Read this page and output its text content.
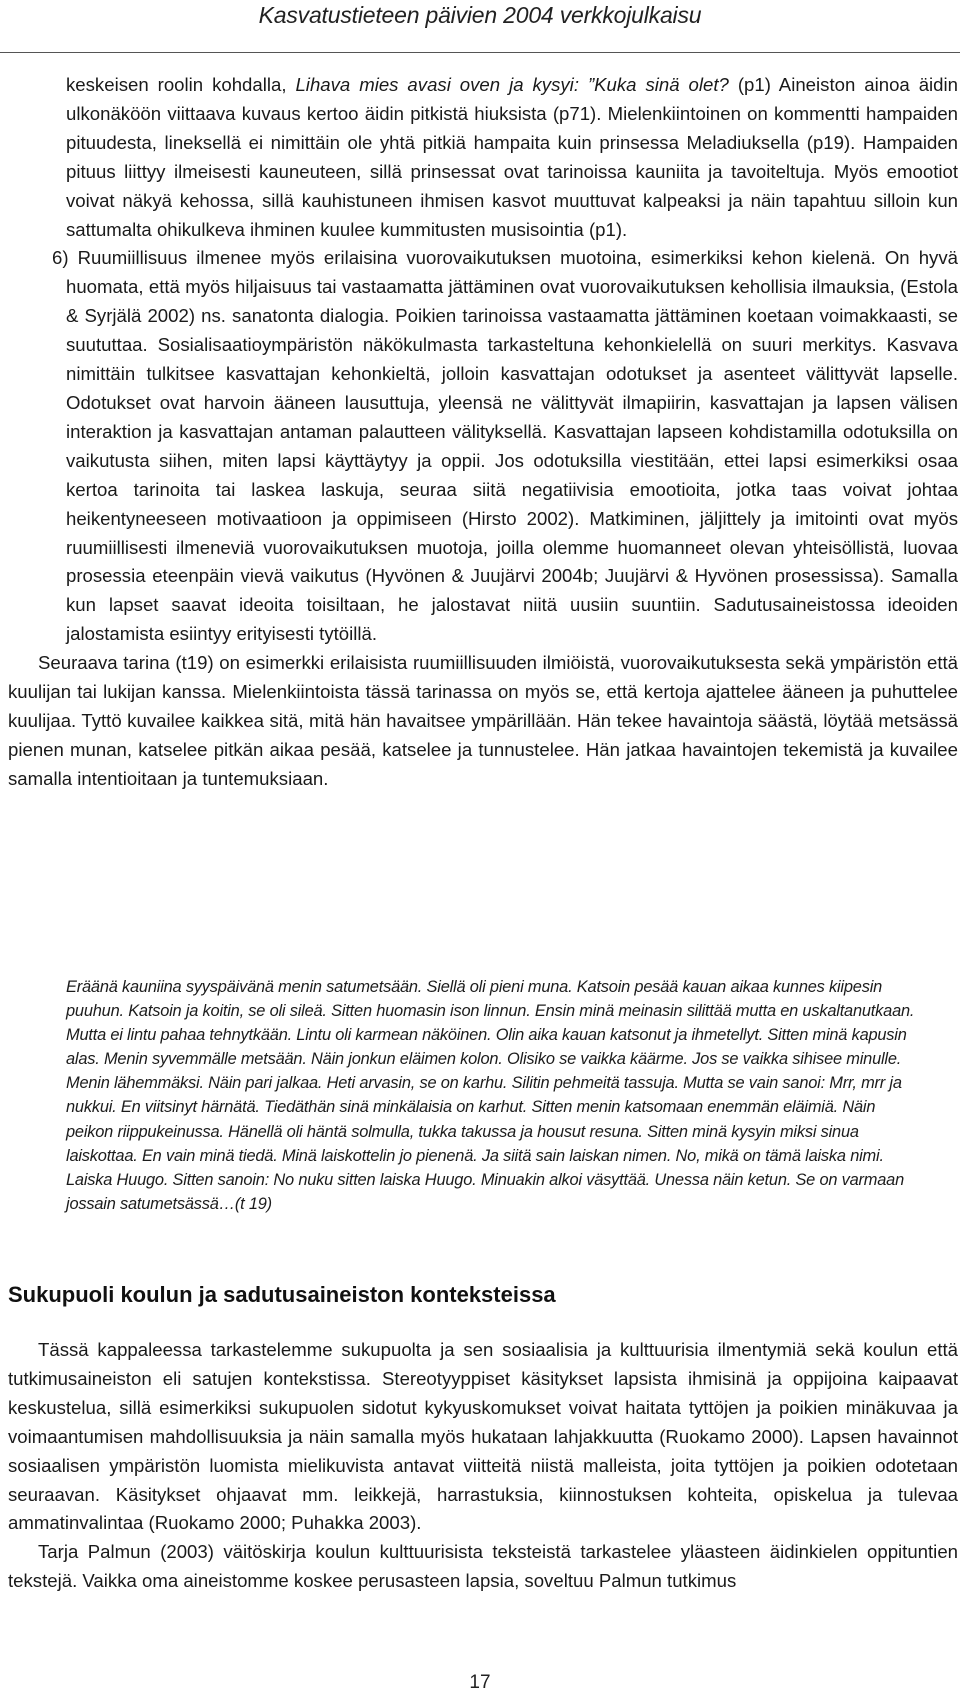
Kasvatustieteen päivien 2004 verkkojulkaisu

keskeisen roolin kohdalla, Lihava mies avasi oven ja kysyi: ”Kuka sinä olet? (p1) Aineiston ainoa äidin ulkonäköön viittaava kuvaus kertoo äidin pitkistä hiuksista (p71). Mielenkiintoinen on kommentti hampaiden pituudesta, lineksellä ei nimittäin ole yhtä pitkiä hampaita kuin prinsessa Meladiuksella (p19). Hampaiden pituus liittyy ilmeisesti kauneuteen, sillä prinsessat ovat tarinoissa kauniita ja tavoiteltuja. Myös emootiot voivat näkyä kehossa, sillä kauhistuneen ihmisen kasvot muuttuvat kalpeaksi ja näin tapahtuu silloin kun sattumalta ohikulkeva ihminen kuulee kummitusten musisointia (p1).

6) Ruumiillisuus ilmenee myös erilaisina vuorovaikutuksen muotoina, esimerkiksi kehon kielenä. On hyvä huomata, että myös hiljaisuus tai vastaamatta jättäminen ovat vuorovaikutuksen kehollisia ilmauksia, (Estola & Syrjälä 2002) ns. sanatonta dialogia. Poikien tarinoissa vastaamatta jättäminen koetaan voimakkaasti, se suututtaa. Sosialisaatioympäristön näkökulmasta tarkasteltuna kehonkielellä on suuri merkitys. Kasvava nimittäin tulkitsee kasvattajan kehonkieltä, jolloin kasvattajan odotukset ja asenteet välittyvät lapselle. Odotukset ovat harvoin ääneen lausuttuja, yleensä ne välittyvät ilmapiirin, kasvattajan ja lapsen välisen interaktion ja kasvattajan antaman palautteen välityksellä. Kasvattajan lapseen kohdistamilla odotuksilla on vaikutusta siihen, miten lapsi käyttäytyy ja oppii. Jos odotuksilla viestitään, ettei lapsi esimerkiksi osaa kertoa tarinoita tai laskea laskuja, seuraa siitä negatiivisia emootioita, jotka taas voivat johtaa heikentyneeseen motivaatioon ja oppimiseen (Hirsto 2002). Matkiminen, jäljittely ja imitointi ovat myös ruumiillisesti ilmeneviä vuorovaikutuksen muotoja, joilla olemme huomanneet olevan yhteisöllistä, luovaa prosessia eteenpäin vievä vaikutus (Hyvönen & Juujärvi 2004b; Juujärvi & Hyvönen prosessissa). Samalla kun lapset saavat ideoita toisiltaan, he jalostavat niitä uusiin suuntiin. Sadutusaineistossa ideoiden jalostamista esiintyy erityisesti tytöillä.

Seuraava tarina (t19) on esimerkki erilaisista ruumiillisuuden ilmiöistä, vuorovaikutuksesta sekä ympäristön että kuulijan tai lukijan kanssa. Mielenkiintoista tässä tarinassa on myös se, että kertoja ajattelee ääneen ja puhuttelee kuulijaa. Tyttö kuvailee kaikkea sitä, mitä hän havaitsee ympärillään. Hän tekee havaintoja säästä, löytää metsässä pienen munan, katselee pitkän aikaa pesää, katselee ja tunnustelee. Hän jatkaa havaintojen tekemistä ja kuvailee samalla intentioitaan ja tuntemuksiaan.

Eräänä kauniina syyspäivänä menin satumetsään. Siellä oli pieni muna. Katsoin pesää kauan aikaa kunnes kiipesin puuhun. Katsoin ja koitin, se oli sileä. Sitten huomasin ison linnun. Ensin minä meinasin silittää mutta en uskaltanutkaan. Mutta ei lintu pahaa tehnytkään. Lintu oli karmean näköinen. Olin aika kauan katsonut ja ihmetellyt. Sitten minä kapusin alas. Menin syvemmälle metsään. Näin jonkun eläimen kolon. Olisiko se vaikka käärme. Jos se vaikka sihisee minulle. Menin lähemmäksi. Näin pari jalkaa. Heti arvasin, se on karhu. Silitin pehmeitä tassuja. Mutta se vain sanoi: Mrr, mrr ja nukkui. En viitsinyt härnätä. Tiedäthän sinä minkälaisia on karhut. Sitten menin katsomaan enemmän eläimiä. Näin peikon riippukeinussa. Hänellä oli häntä solmulla, tukka takussa ja housut resuna. Sitten minä kysyin miksi sinua laiskottaa. En vain minä tiedä. Minä laiskottelin jo pienenä. Ja siitä sain laiskan nimen. No, mikä on tämä laiska nimi. Laiska Huugo. Sitten sanoin: No nuku sitten laiska Huugo. Minuakin alkoi väsyttää. Unessa näin ketun. Se on varmaan jossain satumetsässä…(t 19)
Sukupuoli koulun ja sadutusaineiston konteksteissa

Tässä kappaleessa tarkastelemme sukupuolta ja sen sosiaalisia ja kulttuurisia ilmentymiä sekä koulun että tutkimusaineiston eli satujen kontekstissa. Stereotyyppiset käsitykset lapsista ihmisinä ja oppijoina kaipaavat keskustelua, sillä esimerkiksi sukupuolen sidotut kykyuskomukset voivat haitata tyttöjen ja poikien minäkuvaa ja voimaantumisen mahdollisuuksia ja näin samalla myös hukataan lahjakkuutta (Ruokamo 2000). Lapsen havainnot sosiaalisen ympäristön luomista mielikuvista antavat viitteitä niistä malleista, joita tyttöjen ja poikien odotetaan seuraavan. Käsitykset ohjaavat mm. leikkejä, harrastuksia, kiinnostuksen kohteita, opiskelua ja tulevaa ammatinvalintaa (Ruokamo 2000; Puhakka 2003).

Tarja Palmun (2003) väitöskirja koulun kulttuurisista teksteistä tarkastelee yläasteen äidinkielen oppituntien tekstejä. Vaikka oma aineistomme koskee perusasteen lapsia, soveltuu Palmun tutkimus

17
